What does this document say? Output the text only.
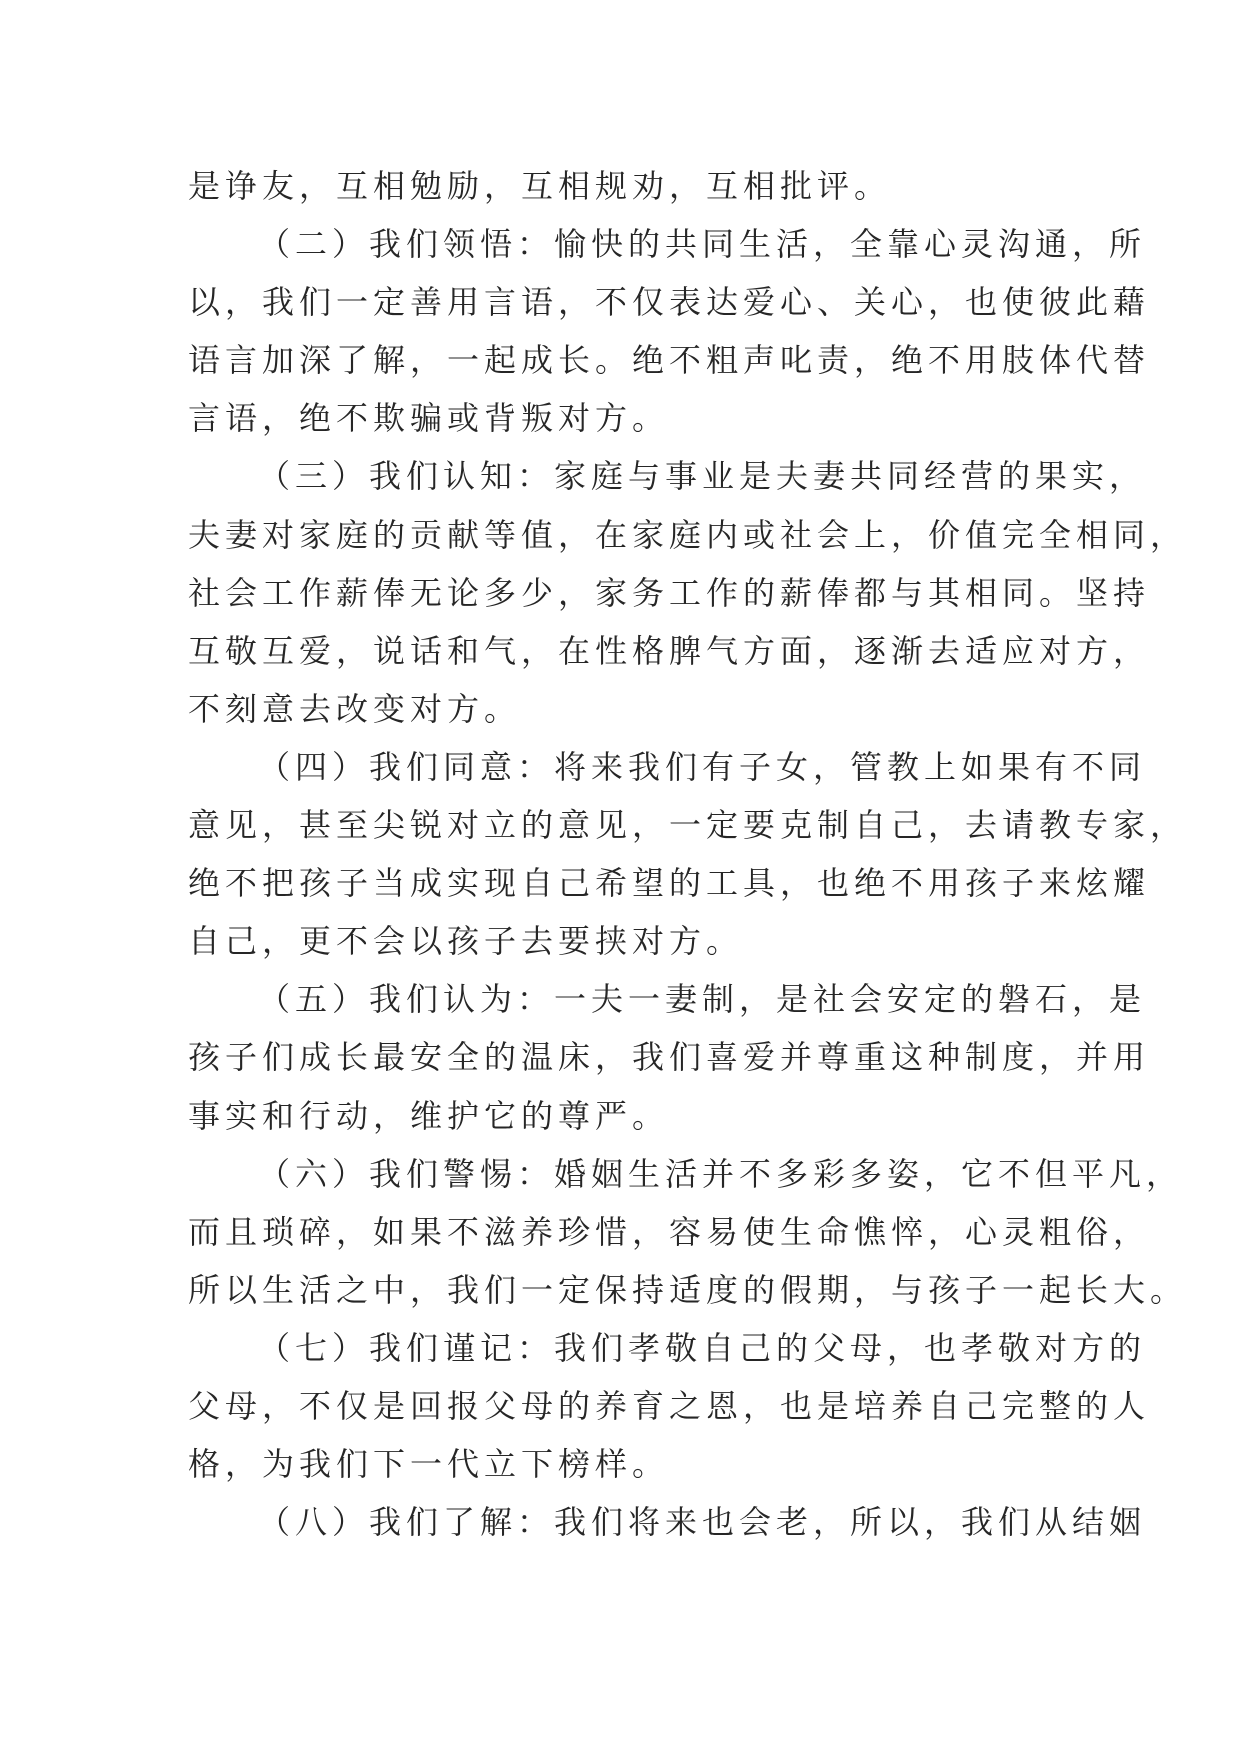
是诤友，互相勉励，互相规劝，互相批评。
（二）我们领悟：愉快的共同生活，全靠心灵沟通，所
以，我们一定善用言语，不仅表达爱心、关心，也使彼此藉
语言加深了解，一起成长。绝不粗声叱责，绝不用肢体代替
言语，绝不欺骗或背叛对方。
（三）我们认知：家庭与事业是夫妻共同经营的果实，
夫妻对家庭的贡献等值，在家庭内或社会上，价值完全相同，
社会工作薪俸无论多少，家务工作的薪俸都与其相同。坚持
互敬互爱，说话和气，在性格脾气方面，逐渐去适应对方，
不刻意去改变对方。
（四）我们同意：将来我们有子女，管教上如果有不同
意见，甚至尖锐对立的意见，一定要克制自己，去请教专家，
绝不把孩子当成实现自己希望的工具，也绝不用孩子来炫耀
自己，更不会以孩子去要挟对方。
（五）我们认为：一夫一妻制，是社会安定的磐石，是
孩子们成长最安全的温床，我们喜爱并尊重这种制度，并用
事实和行动，维护它的尊严。
（六）我们警惕：婚姻生活并不多彩多姿，它不但平凡，
而且琐碎，如果不滋养珍惜，容易使生命憔悴，心灵粗俗，
所以生活之中，我们一定保持适度的假期，与孩子一起长大。
（七）我们谨记：我们孝敬自己的父母，也孝敬对方的
父母，不仅是回报父母的养育之恩，也是培养自己完整的人
格，为我们下一代立下榜样。
（八）我们了解：我们将来也会老，所以，我们从结姻
